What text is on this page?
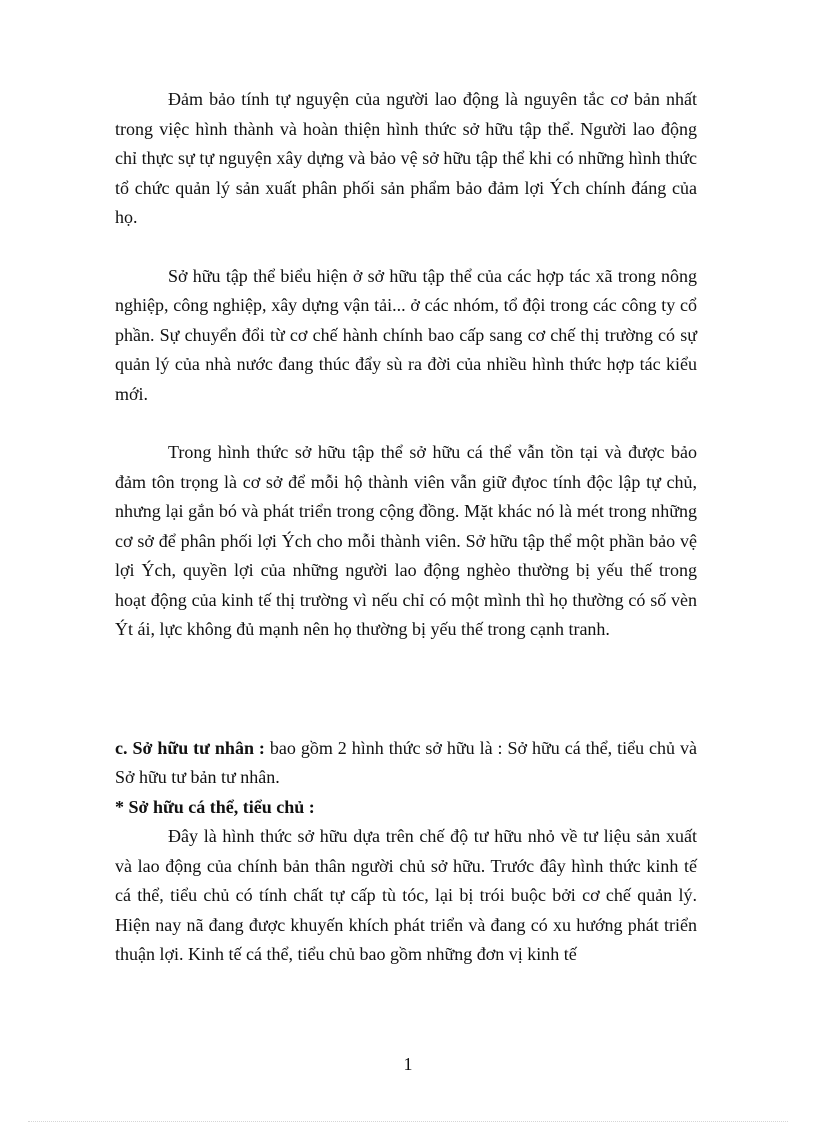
Đảm bảo tính tự nguyện của người lao động là nguyên tắc cơ bản nhất trong việc hình thành và hoàn thiện hình thức sở hữu tập thể. Người lao động chỉ thực sự tự nguyện xây dựng và bảo vệ sở hữu tập thể khi có những hình thức tổ chức quản lý sản xuất phân phối sản phẩm bảo đảm lợi Ých chính đáng của họ.

Sở hữu tập thể biểu hiện ở sở hữu tập thể của các hợp tác xã trong nông nghiệp, công nghiệp, xây dựng vận tải... ở các nhóm, tổ đội trong các công ty cổ phần. Sự chuyển đổi từ cơ chế hành chính bao cấp sang cơ chế thị trường có sự quản lý của nhà nước đang thúc đẩy sù ra đời của nhiều hình thức hợp tác kiểu mới.

Trong hình thức sở hữu tập thể sở hữu cá thể vẫn tồn tại và được bảo đảm tôn trọng là cơ sở để mỗi hộ thành viên vẫn giữ đựoc tính độc lập tự chủ, nhưng lại gắn bó và phát triển trong cộng đồng. Mặt khác nó là mét trong những cơ sở để phân phối lợi Ých cho mỗi thành viên. Sở hữu tập thể một phần bảo vệ lợi Ých, quyền lợi của những người lao động nghèo thường bị yếu thế trong hoạt động của kinh tế thị trường vì nếu chỉ có một mình thì họ thường có số vèn Ýt ái, lực không đủ mạnh nên họ thường bị yếu thế trong cạnh tranh.

c. Sở hữu tư nhân : bao gồm 2 hình thức sở hữu là : Sở hữu cá thể, tiểu chủ và Sở hữu tư bản tư nhân.

* Sở hữu cá thể, tiểu chủ :

Đây là hình thức sở hữu dựa trên chế độ tư hữu nhỏ về tư liệu sản xuất và lao động của chính bản thân người chủ sở hữu. Trước đây hình thức kinh tế cá thể, tiểu chủ có tính chất tự cấp tù tóc, lại bị trói buộc bởi cơ chế quản lý. Hiện nay nã đang được khuyến khích phát triển và đang có xu hướng phát triển thuận lợi. Kinh tế cá thể, tiểu chủ bao gồm những đơn vị kinh tế

1
